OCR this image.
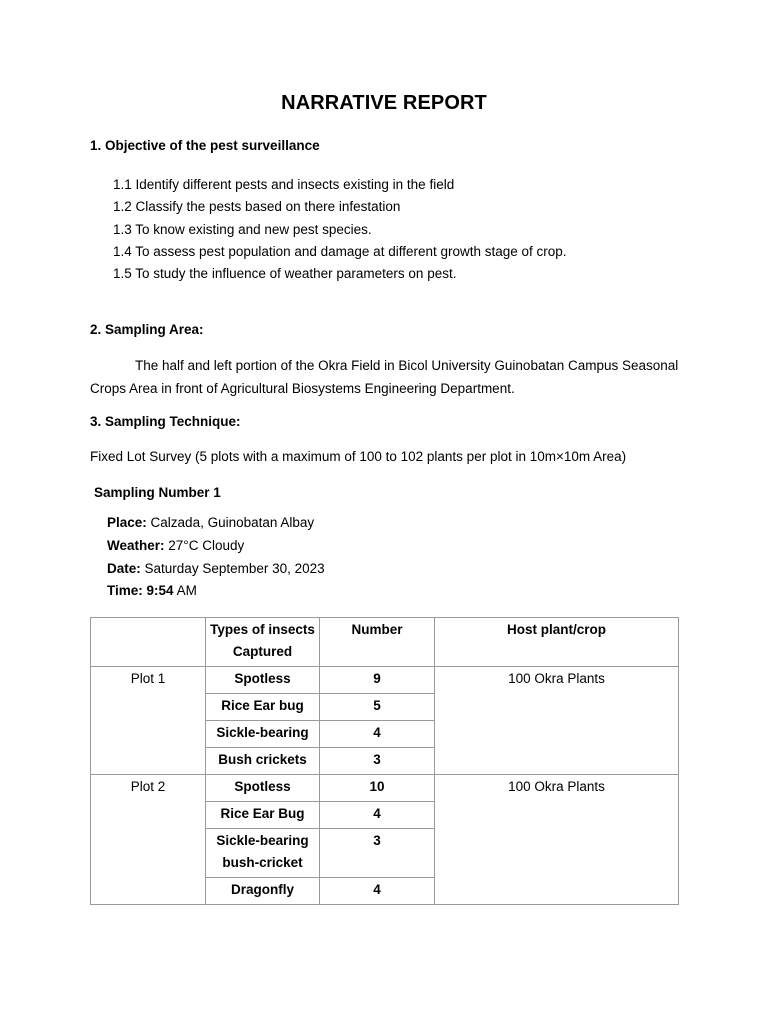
NARRATIVE REPORT
1. Objective of the pest surveillance
1.1 Identify different pests and insects existing in the field
1.2 Classify the pests based on there infestation
1.3 To know existing and new pest species.
1.4 To assess pest population and damage at different growth stage of crop.
1.5 To study the influence of weather parameters on pest.
2. Sampling Area:
The half and left portion of the Okra Field in Bicol University Guinobatan Campus Seasonal Crops Area in front of Agricultural Biosystems Engineering Department.
3. Sampling Technique:
Fixed Lot Survey (5 plots with a maximum of 100 to 102 plants per plot in 10m×10m Area)
Sampling Number 1
Place: Calzada, Guinobatan Albay
Weather: 27°C Cloudy
Date: Saturday September 30, 2023
Time: 9:54 AM
	Types of insects Captured	Number	Host plant/crop
Plot 1	Spotless	9	100 Okra Plants
	Rice Ear bug	5	
	Sickle-bearing	4	
	Bush crickets	3	
Plot 2	Spotless	10	100 Okra Plants
	Rice Ear Bug	4	
	Sickle-bearing bush-cricket	3	
	Dragonfly	4	
